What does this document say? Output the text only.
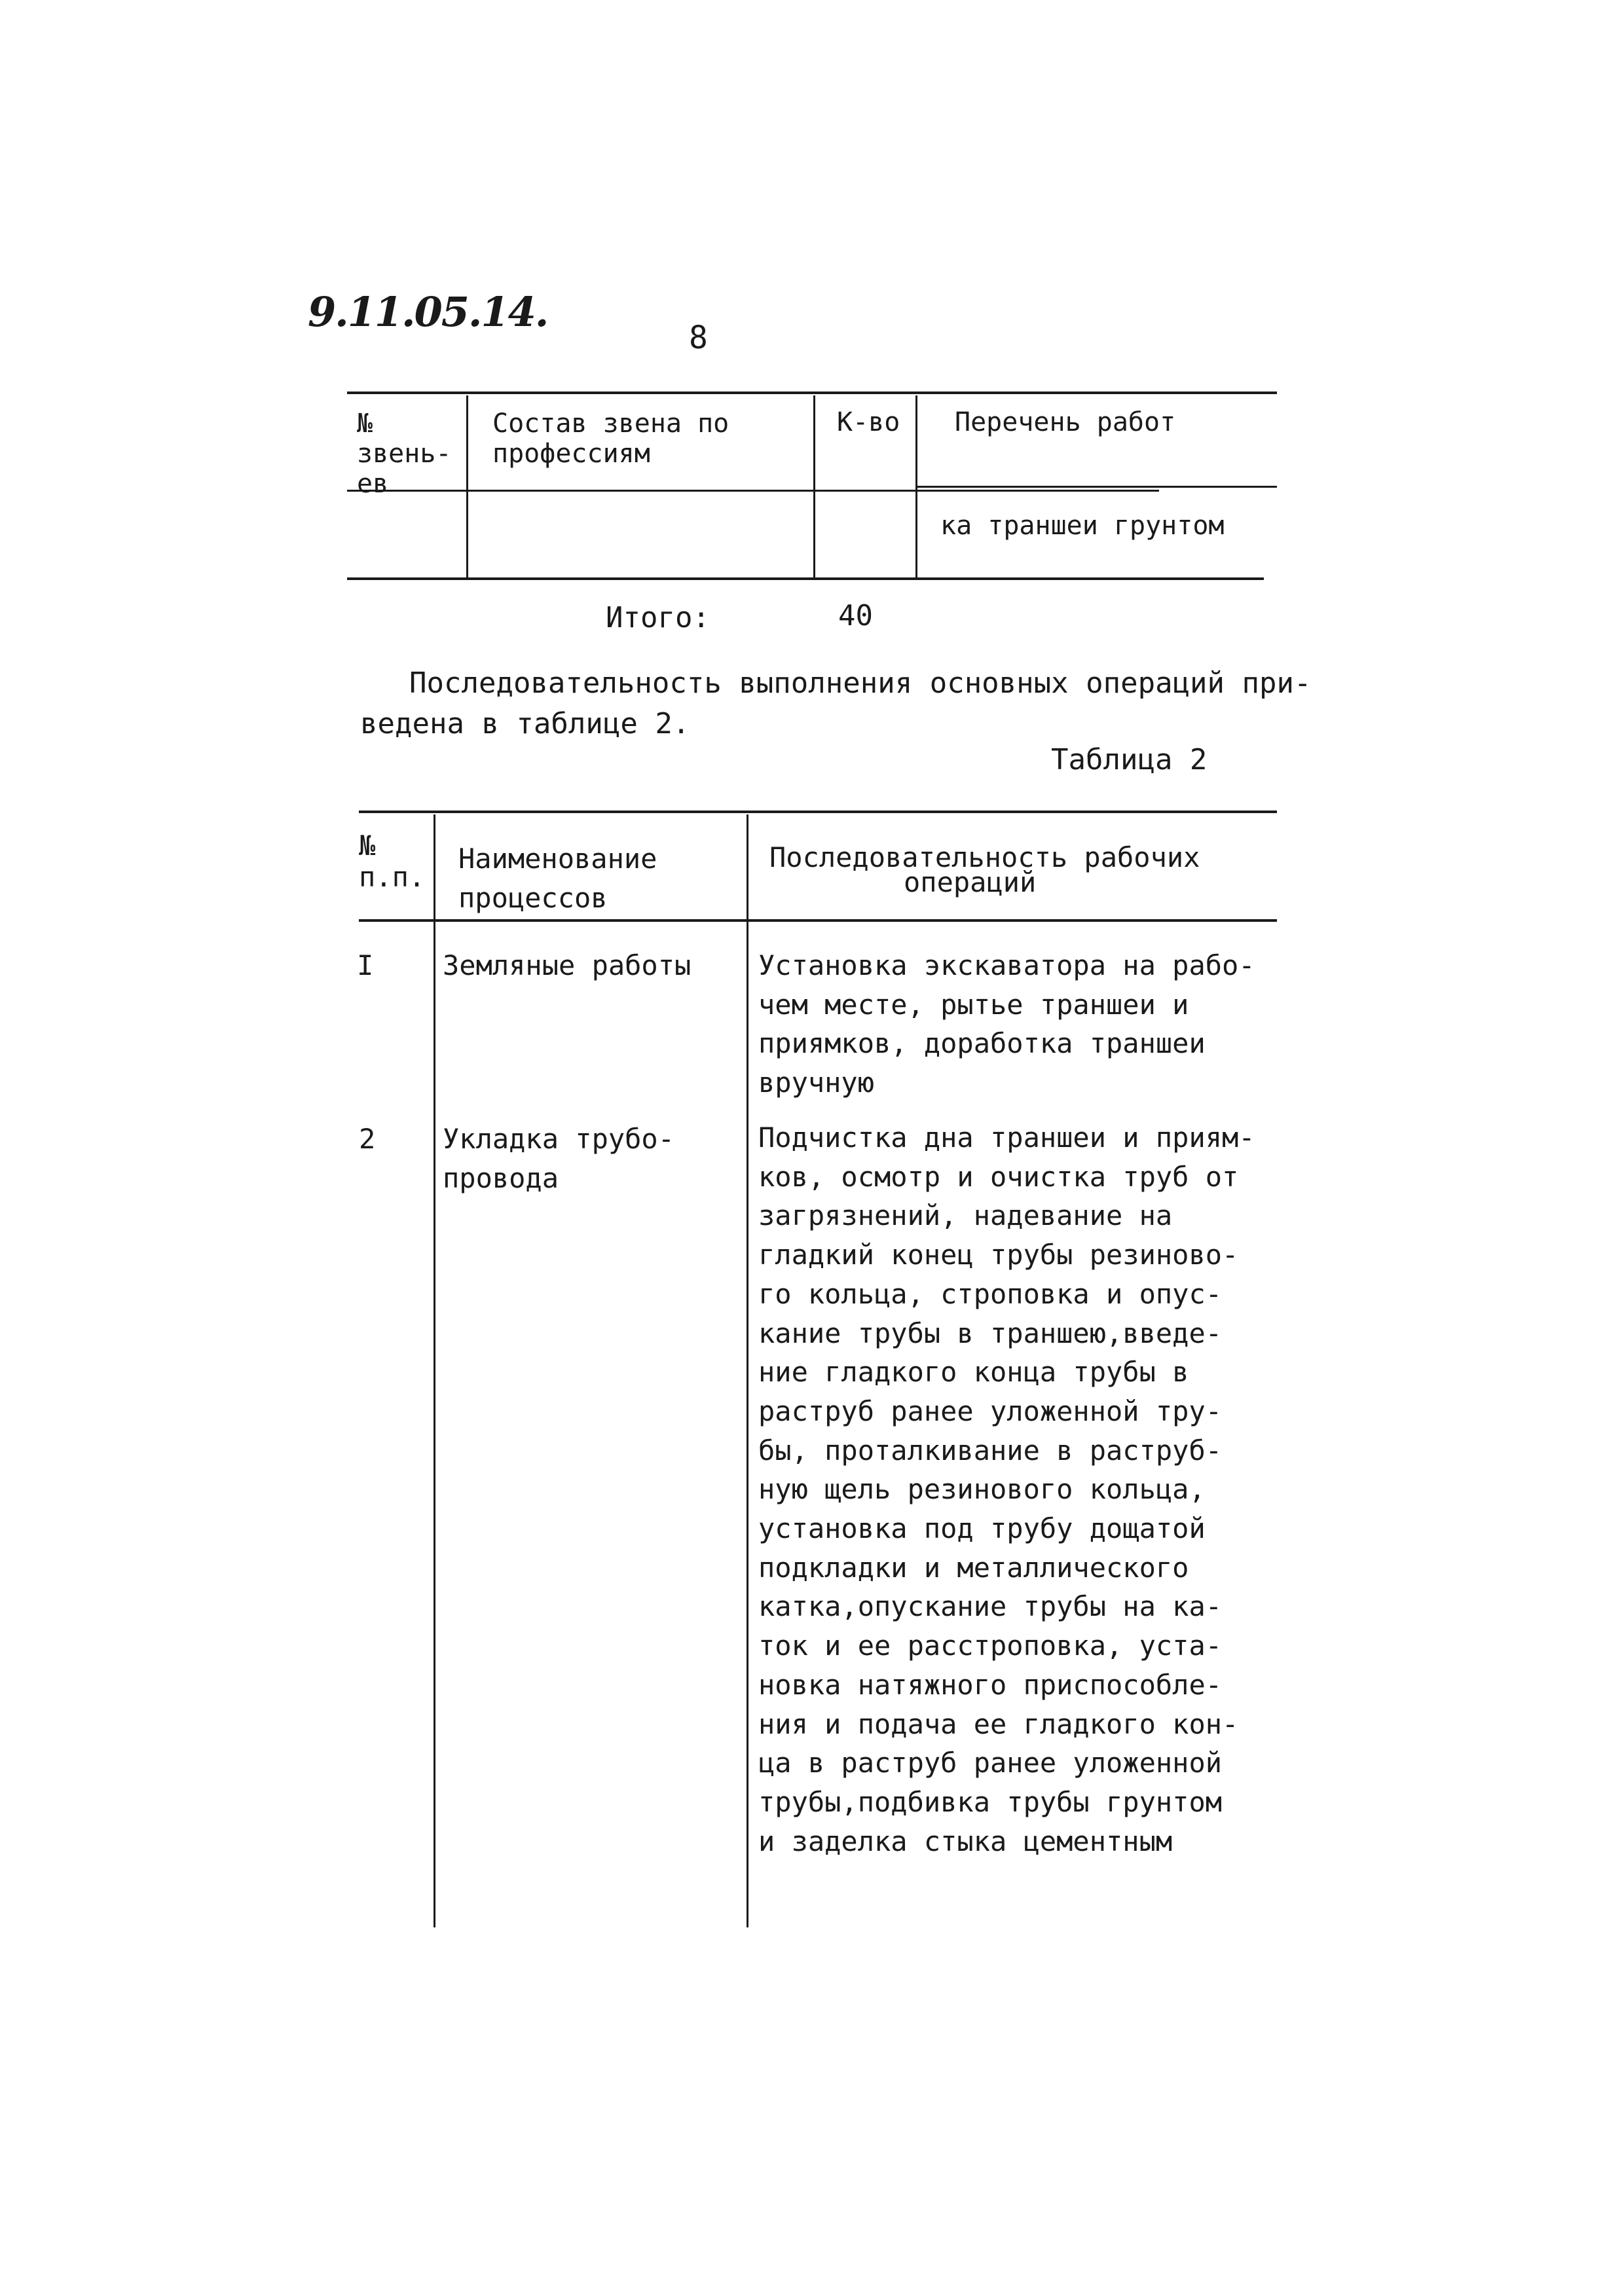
9.11.05.14.
8
№ звень- ев
Состав звена по профессиям
К-во Перечень работ
ка траншеи грунтом
Итого:	40
Последовательность выполнения основных операций при-
ведена в таблице 2.
Таблица 2
№ п.п.
Наименование
процессов
Последовательность рабочих
операций
I	Земляные работы Установка экскаватора на рабо-
чем месте, рытье траншеи и
приямков, доработка траншеи
вручную
2 Укладка трубо-
провода
Подчистка дна траншеи и приям-
ков, осмотр и очистка труб от
загрязнений, надевание на
гладкий конец трубы резиново-
го кольца, строповка и опус-
кание трубы в траншею,введе-
ние гладкого конца трубы в
раструб ранее уложенной тру-
бы, проталкивание в раструб-
ную щель резинового кольца,
установка под трубу дощатой
подкладки и металлического
катка,опускание трубы на ка-
ток и ее расстроповка, уста-
новка натяжного приспособле-
ния и подача ее гладкого кон-
ца в раструб ранее уложенной
трубы,подбивка трубы грунтом
и заделка стыка цементным
